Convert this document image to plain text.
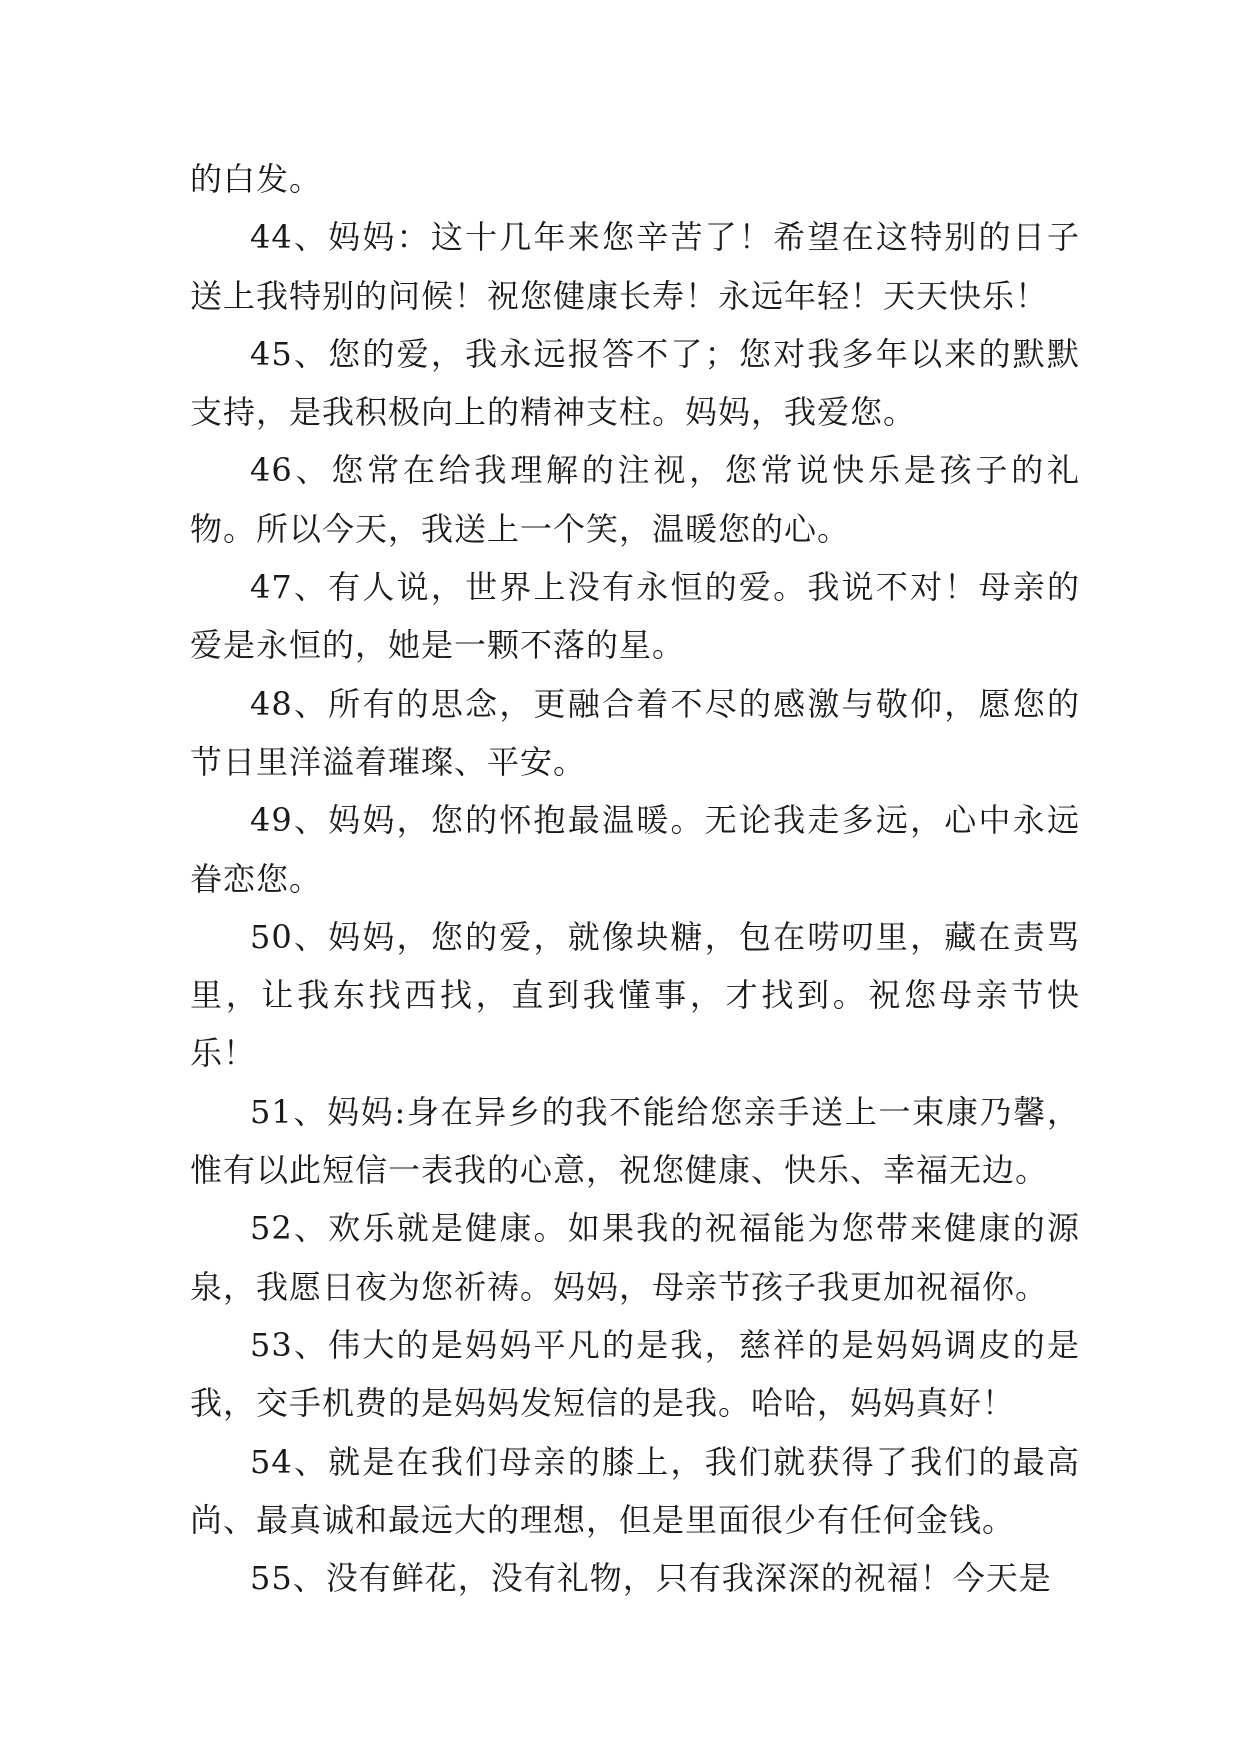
的白发。

44、妈妈：这十几年来您辛苦了！希望在这特别的日子送上我特别的问候！祝您健康长寿！永远年轻！天天快乐！

45、您的爱，我永远报答不了；您对我多年以来的默默支持，是我积极向上的精神支柱。妈妈，我爱您。

46、您常在给我理解的注视，您常说快乐是孩子的礼物。所以今天，我送上一个笑，温暖您的心。

47、有人说，世界上没有永恒的爱。我说不对！母亲的爱是永恒的，她是一颗不落的星。

48、所有的思念，更融合着不尽的感激与敬仰，愿您的节日里洋溢着璀璨、平安。

49、妈妈，您的怀抱最温暖。无论我走多远，心中永远眷恋您。

50、妈妈，您的爱，就像块糖，包在唠叨里，藏在责骂里，让我东找西找，直到我懂事，才找到。祝您母亲节快乐！

51、妈妈:身在异乡的我不能给您亲手送上一束康乃馨，惟有以此短信一表我的心意，祝您健康、快乐、幸福无边。

52、欢乐就是健康。如果我的祝福能为您带来健康的源泉，我愿日夜为您祈祷。妈妈，母亲节孩子我更加祝福你。

53、伟大的是妈妈平凡的是我，慈祥的是妈妈调皮的是我，交手机费的是妈妈发短信的是我。哈哈，妈妈真好！

54、就是在我们母亲的膝上，我们就获得了我们的最高尚、最真诚和最远大的理想，但是里面很少有任何金钱。

55、没有鲜花，没有礼物，只有我深深的祝福！今天是
